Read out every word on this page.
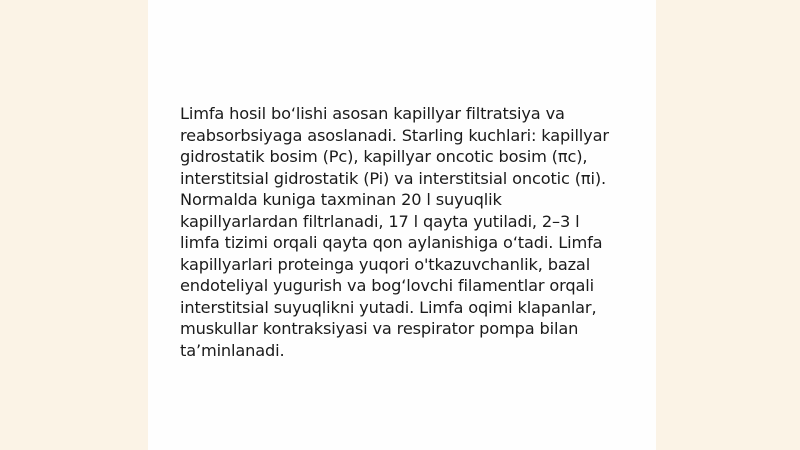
Limfa hosil bo‘lishi asosan kapillyar filtratsiya va reabsorbsiyaga asoslanadi. Starling kuchlari: kapillyar gidrostatik bosim (Pc), kapillyar oncotic bosim (πc), interstitsial gidrostatik (Pi) va interstitsial oncotic (πi). Normalda kuniga taxminan 20 l suyuqlik kapillyarlardan filtrlanadi, 17 l qayta yutiladi, 2–3 l limfa tizimi orqali qayta qon aylanishiga o‘tadi. Limfa kapillyarlari proteinga yuqori o'tkazuvchanlik, bazal endoteliyal yugurish va bog‘lovchi filamentlar orqali interstitsial suyuqlikni yutadi. Limfa oqimi klapanlar, muskullar kontraksiyasi va respirator pompa bilan ta’minlanadi.
